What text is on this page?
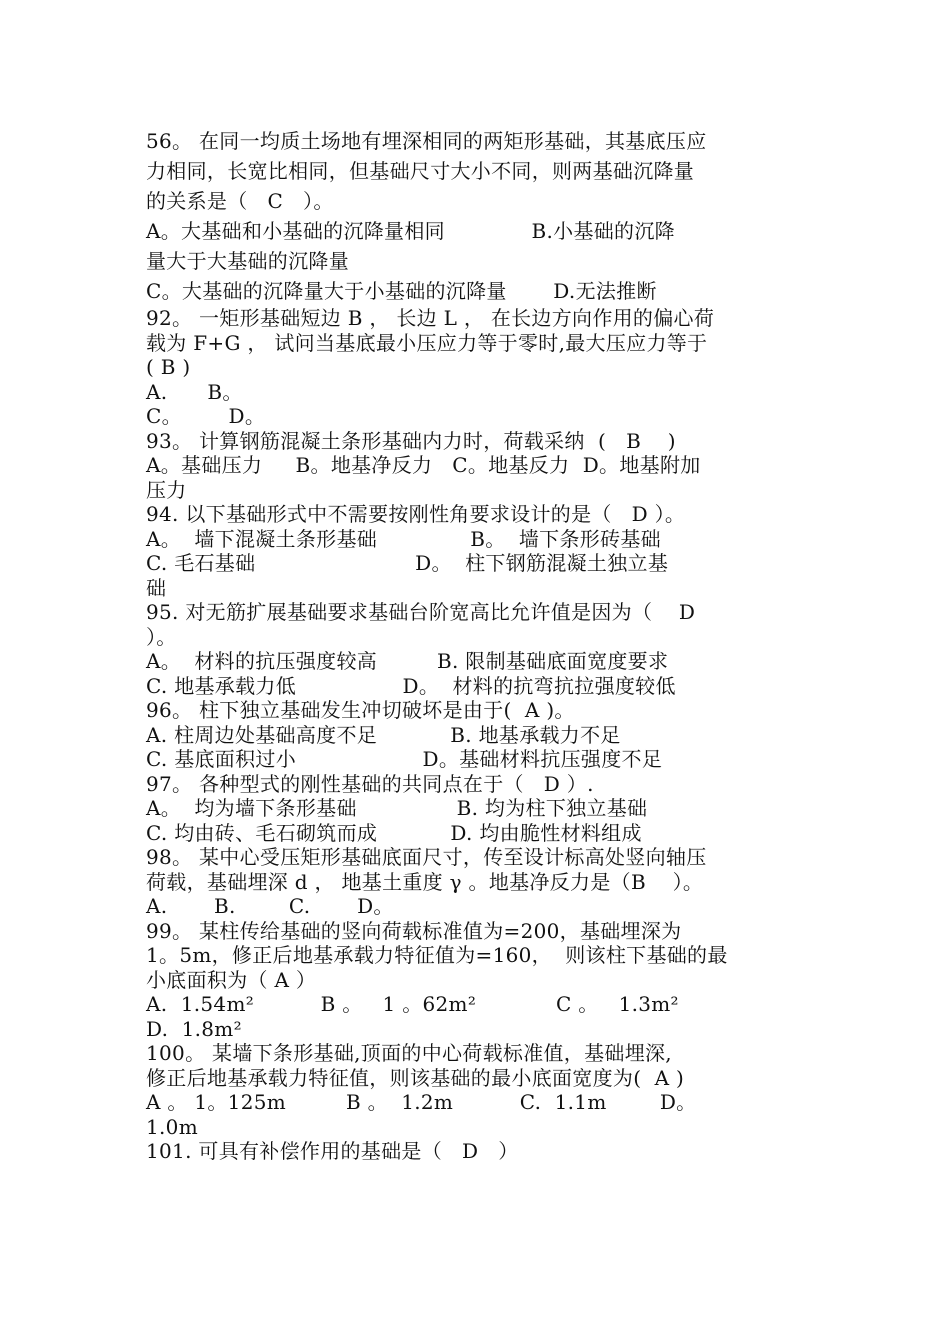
56。 在同一均质土场地有埋深相同的两矩形基础，其基底压应
力相同，长宽比相同，但基础尺寸大小不同，则两基础沉降量
的关系是（   C   ）。
A。大基础和小基础的沉降量相同             B.小基础的沉降
量大于大基础的沉降量
C。大基础的沉降量大于小基础的沉降量       D.无法推断
92。 一矩形基础短边 B ， 长边 L ， 在长边方向作用的偏心荷
载为 F+G ， 试问当基底最小压应力等于零时,最大压应力等于
( B )
A.      B。
C。       D。
93。 计算钢筋混凝土条形基础内力时，荷载采纳  (   B    )
A。基础压力     B。地基净反力   C。地基反力  D。地基附加
压力
94. 以下基础形式中不需要按刚性角要求设计的是（   D ）。
A。  墙下混凝土条形基础              B。  墙下条形砖基础
C. 毛石基础                        D。  柱下钢筋混凝土独立基
础
95. 对无筋扩展基础要求基础台阶宽高比允许值是因为（    D
）。
A。  材料的抗压强度较高         B. 限制基础底面宽度要求
C. 地基承载力低                D。  材料的抗弯抗拉强度较低
96。 柱下独立基础发生冲切破坏是由于(  A )。
A. 柱周边处基础高度不足           B. 地基承载力不足
C. 基底面积过小                   D。基础材料抗压强度不足
97。 各种型式的刚性基础的共同点在于（   D ）.
A。  均为墙下条形基础               B. 均为柱下独立基础
C. 均由砖、毛石砌筑而成           D. 均由脆性材料组成
98。 某中心受压矩形基础底面尺寸，传至设计标高处竖向轴压
荷载，基础埋深 d ， 地基土重度 γ 。地基净反力是（B    ）。
A.       B.        C.       D。
99。 某柱传给基础的竖向荷载标准值为=200，基础埋深为
1。5m，修正后地基承载力特征值为=160，  则该柱下基础的最
小底面积为（ A ）
A.  1.54m²          B 。   1 。62m²            C 。   1.3m²
D.  1.8m²
100。 某墙下条形基础,顶面的中心荷载标准值，基础埋深,
修正后地基承载力特征值，则该基础的最小底面宽度为(  A )
A 。 1。125m         B 。  1.2m          C.  1.1m        D。
1.0m
101. 可具有补偿作用的基础是（   D   ）
